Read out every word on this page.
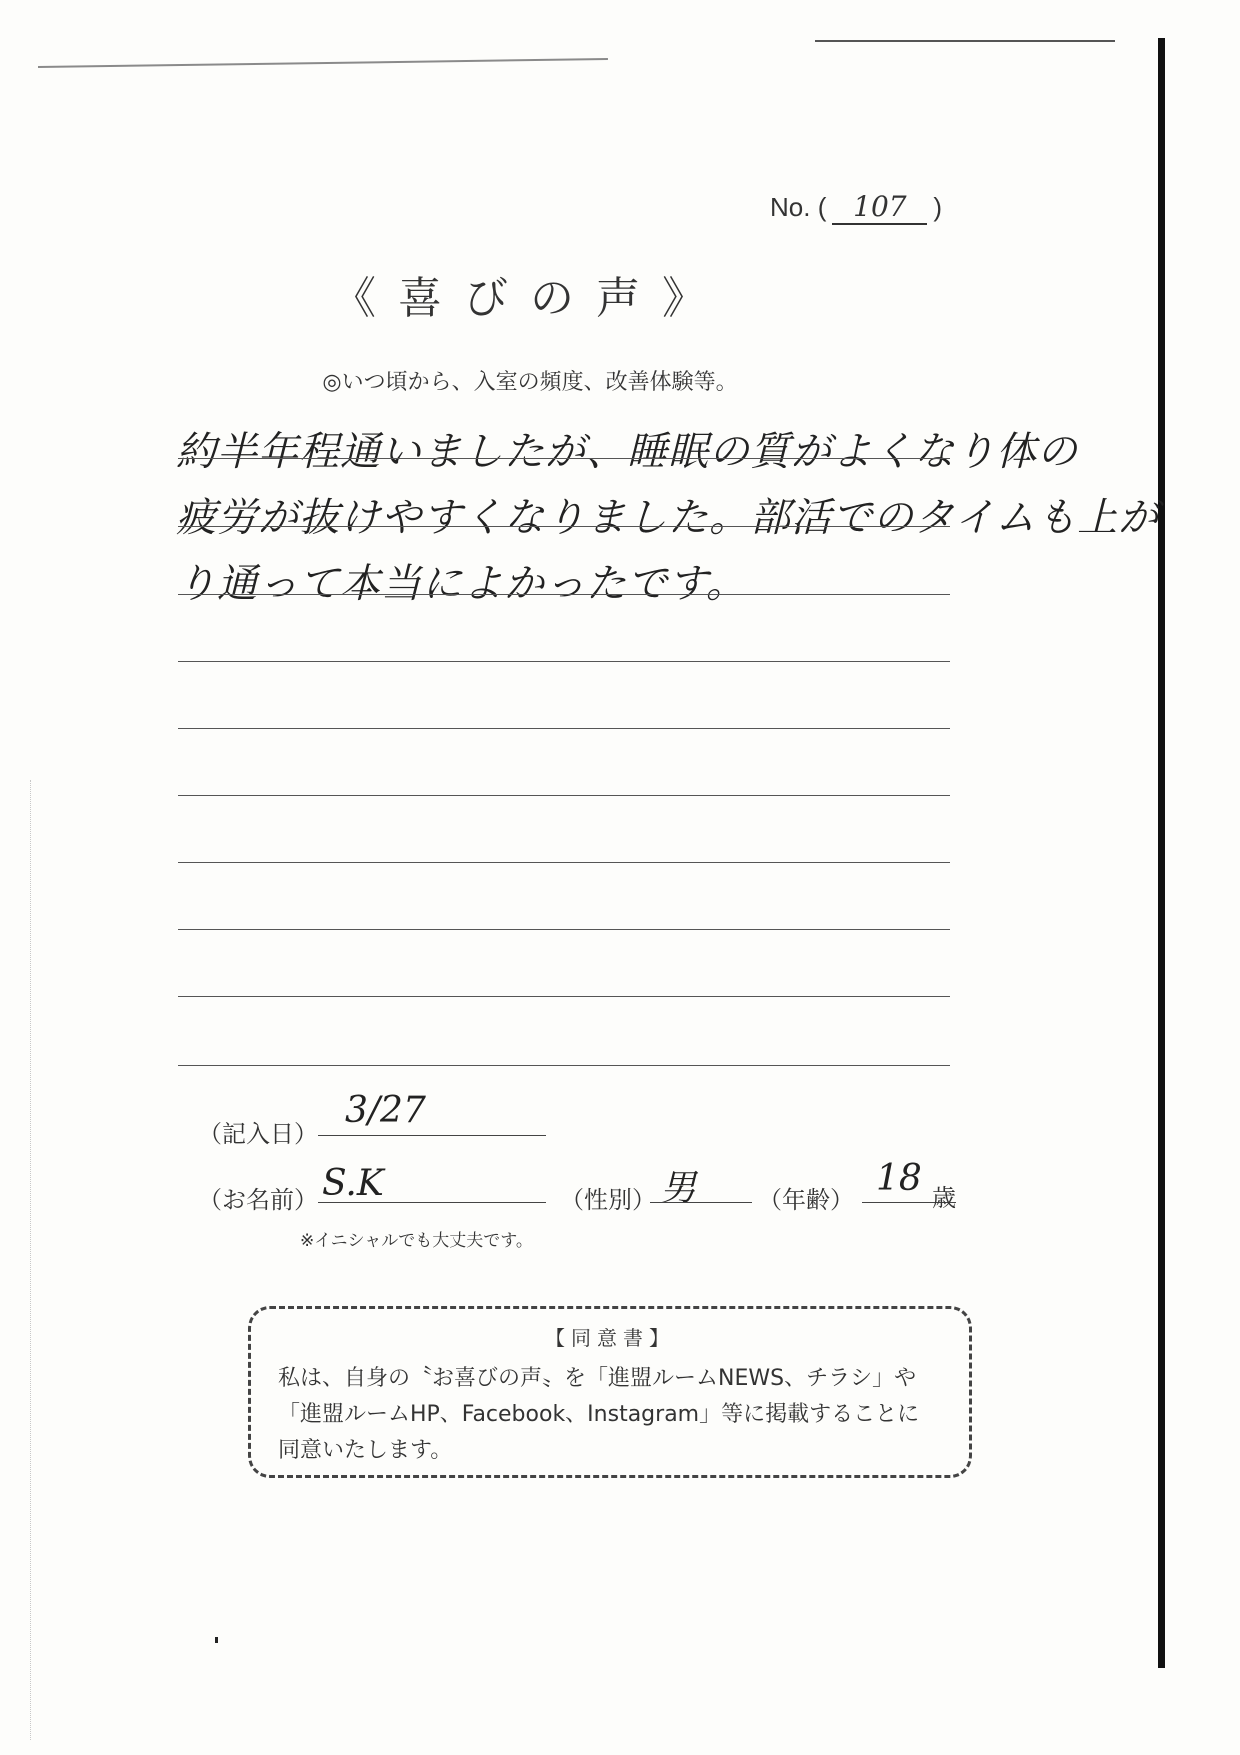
No. ( 107 )
《喜びの声》
◎いつ頃から、入室の頻度、改善体験等。
約半年程通いましたが、睡眠の質がよくなり体の
疲労が抜けやすくなりました。部活でのタイムも上が
り通って本当によかったです。
（記入日）
3/27
（お名前） S.K	（性別） 男	（年齢）
18 歳
※イニシャルでも大丈夫です。
【同意書】
私は、自身の〝お喜びの声〟を「進盟ルームNEWS、チラシ」や
「進盟ルームHP、Facebook、Instagram」等に掲載することに
同意いたします。
